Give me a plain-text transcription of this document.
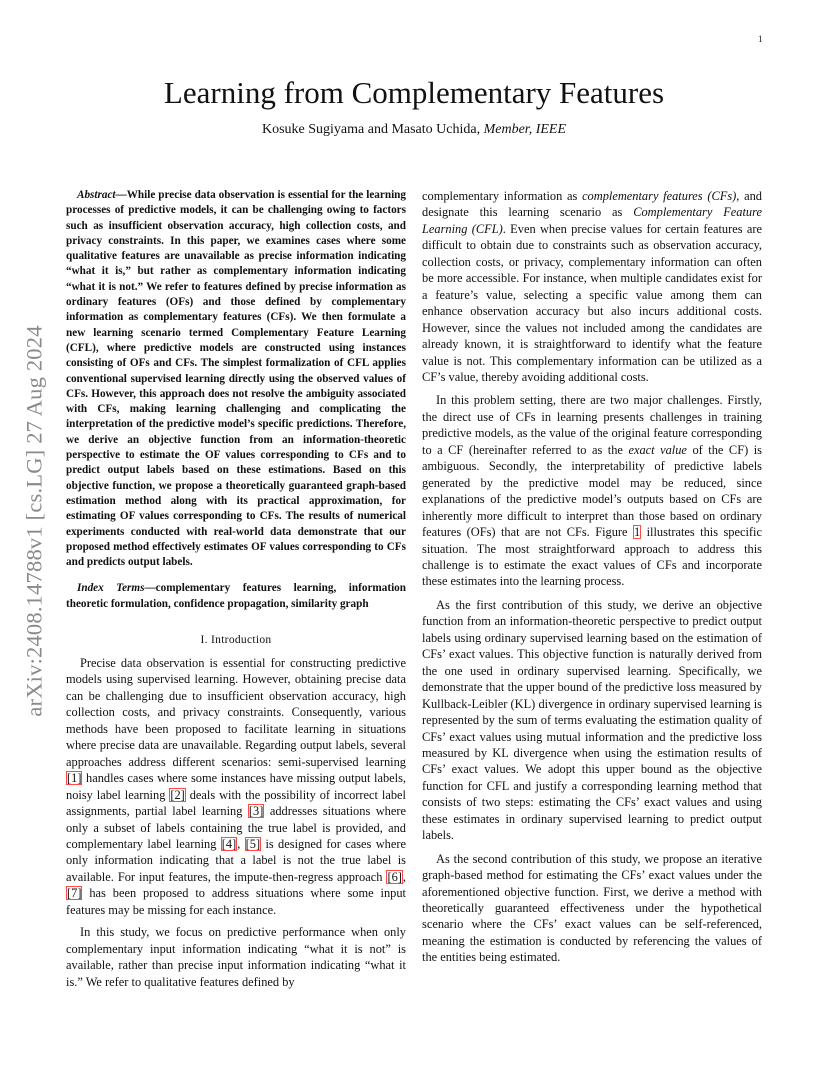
1
arXiv:2408.14788v1 [cs.LG] 27 Aug 2024
Learning from Complementary Features

Kosuke Sugiyama and Masato Uchida, Member, IEEE

Abstract—While precise data observation is essential for the learning processes of predictive models, it can be challenging owing to factors such as insufficient observation accuracy, high collection costs, and privacy constraints. In this paper, we examines cases where some qualitative features are unavailable as precise information indicating “what it is,” but rather as complementary information indicating “what it is not.” We refer to features defined by precise information as ordinary features (OFs) and those defined by complementary information as complementary features (CFs). We then formulate a new learning scenario termed Complementary Feature Learning (CFL), where predictive models are constructed using instances consisting of OFs and CFs. The simplest formalization of CFL applies conventional supervised learning directly using the observed values of CFs. However, this approach does not resolve the ambiguity associated with CFs, making learning challenging and complicating the interpretation of the predictive model’s specific predictions. Therefore, we derive an objective function from an information-theoretic perspective to estimate the OF values corresponding to CFs and to predict output labels based on these estimations. Based on this objective function, we propose a theoretically guaranteed graph-based estimation method along with its practical approximation, for estimating OF values corresponding to CFs. The results of numerical experiments conducted with real-world data demonstrate that our proposed method effectively estimates OF values corresponding to CFs and predicts output labels.

Index Terms—complementary features learning, information theoretic formulation, confidence propagation, similarity graph

I. Introduction

Precise data observation is essential for constructing predictive models using supervised learning. However, obtaining precise data can be challenging due to insufficient observation accuracy, high collection costs, and privacy constraints. Consequently, various methods have been proposed to facilitate learning in situations where precise data are unavailable. Regarding output labels, several approaches address different scenarios: semi-supervised learning [1] handles cases where some instances have missing output labels, noisy label learning [2] deals with the possibility of incorrect label assignments, partial label learning [3] addresses situations where only a subset of labels containing the true label is provided, and complementary label learning [4], [5] is designed for cases where only information indicating that a label is not the true label is available. For input features, the impute-then-regress approach [6], [7] has been proposed to address situations where some input features may be missing for each instance.

In this study, we focus on predictive performance when only complementary input information indicating “what it is not” is available, rather than precise input information indicating “what it is.” We refer to qualitative features defined by

complementary information as complementary features (CFs), and designate this learning scenario as Complementary Feature Learning (CFL). Even when precise values for certain features are difficult to obtain due to constraints such as observation accuracy, collection costs, or privacy, complementary information can often be more accessible. For instance, when multiple candidates exist for a feature’s value, selecting a specific value among them can enhance observation accuracy but also incurs additional costs. However, since the values not included among the candidates are already known, it is straightforward to identify what the feature value is not. This complementary information can be utilized as a CF’s value, thereby avoiding additional costs.

In this problem setting, there are two major challenges. Firstly, the direct use of CFs in learning presents challenges in training predictive models, as the value of the original feature corresponding to a CF (hereinafter referred to as the exact value of the CF) is ambiguous. Secondly, the interpretability of predictive labels generated by the predictive model may be reduced, since explanations of the predictive model’s outputs based on CFs are inherently more difficult to interpret than those based on ordinary features (OFs) that are not CFs. Figure 1 illustrates this specific situation. The most straightforward approach to address this challenge is to estimate the exact values of CFs and incorporate these estimates into the learning process.

As the first contribution of this study, we derive an objective function from an information-theoretic perspective to predict output labels using ordinary supervised learning based on the estimation of CFs’ exact values. This objective function is naturally derived from the one used in ordinary supervised learning. Specifically, we demonstrate that the upper bound of the predictive loss measured by Kullback-Leibler (KL) divergence in ordinary supervised learning is represented by the sum of terms evaluating the estimation quality of CFs’ exact values using mutual information and the predictive loss measured by KL divergence when using the estimation results of CFs’ exact values. We adopt this upper bound as the objective function for CFL and justify a corresponding learning method that consists of two steps: estimating the CFs’ exact values and using these estimates in ordinary supervised learning to predict output labels.

As the second contribution of this study, we propose an iterative graph-based method for estimating the CFs’ exact values under the aforementioned objective function. First, we derive a method with theoretically guaranteed effectiveness under the hypothetical scenario where the CFs’ exact values can be self-referenced, meaning the estimation is conducted by referencing the values of the entities being estimated.
